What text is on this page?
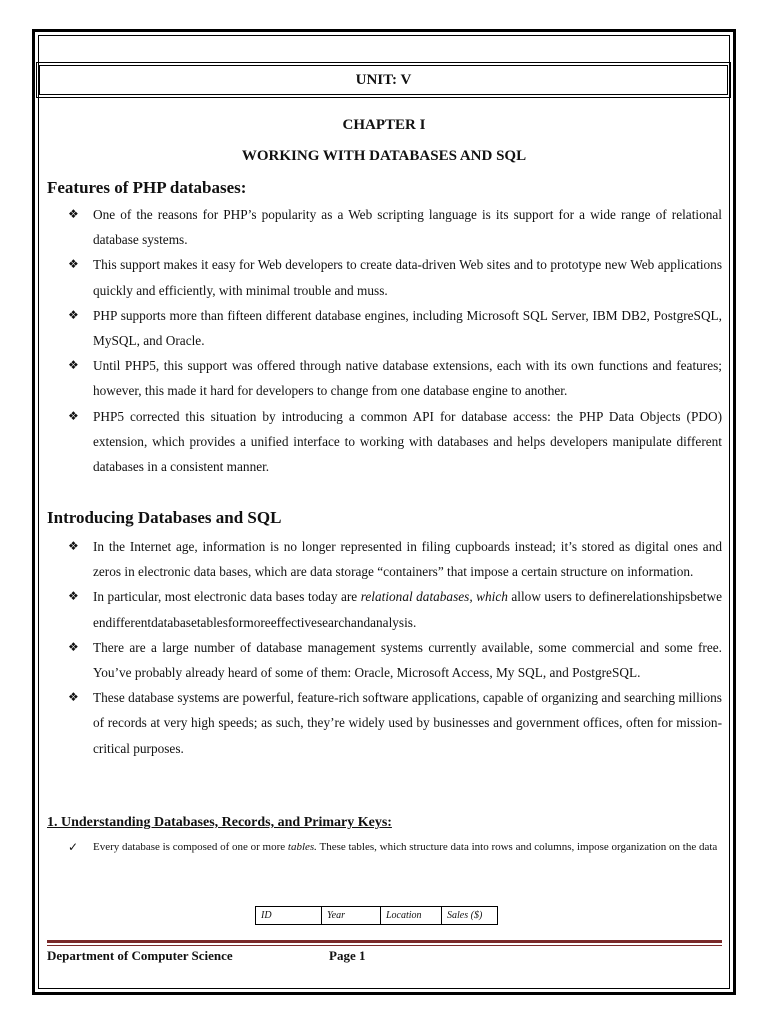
UNIT: V
CHAPTER I
WORKING WITH DATABASES AND SQL
Features of PHP databases:
❖ One of the reasons for PHP’s popularity as a Web scripting language is its support for a wide range of relational database systems.
❖ This support makes it easy for Web developers to create data-driven Web sites and to prototype new Web applications quickly and efficiently, with minimal trouble and muss.
❖ PHP supports more than fifteen different database engines, including Microsoft SQL Server, IBM DB2, PostgreSQL, MySQL, and Oracle.
❖ Until PHP5, this support was offered through native database extensions, each with its own functions and features; however, this made it hard for developers to change from one database engine to another.
❖ PHP5 corrected this situation by introducing a common API for database access: the PHP Data Objects (PDO) extension, which provides a unified interface to working with databases and helps developers manipulate different databases in a consistent manner.
Introducing Databases and SQL
❖ In the Internet age, information is no longer represented in filing cupboards instead; it’s stored as digital ones and zeros in electronic data bases, which are data storage “containers” that impose a certain structure on information.
❖ In particular, most electronic data bases today are relational databases, which allow users to definerelationshipsbetweendifferentdatabasetablesformoreeffectivesearchandanalysis.
❖ There are a large number of database management systems currently available, some commercial and some free. You’ve probably already heard of some of them: Oracle, Microsoft Access, My SQL, and PostgreSQL.
❖ These database systems are powerful, feature-rich software applications, capable of organizing and searching millions of records at very high speeds; as such, they’re widely used by businesses and government offices, often for mission-critical purposes.
1. Understanding Databases, Records, and Primary Keys:
✓ Every database is composed of one or more tables. These tables, which structure data into rows and columns, impose organization on the data
ID	Year	Location	Sales ($)
Department of Computer Science	Page 1
